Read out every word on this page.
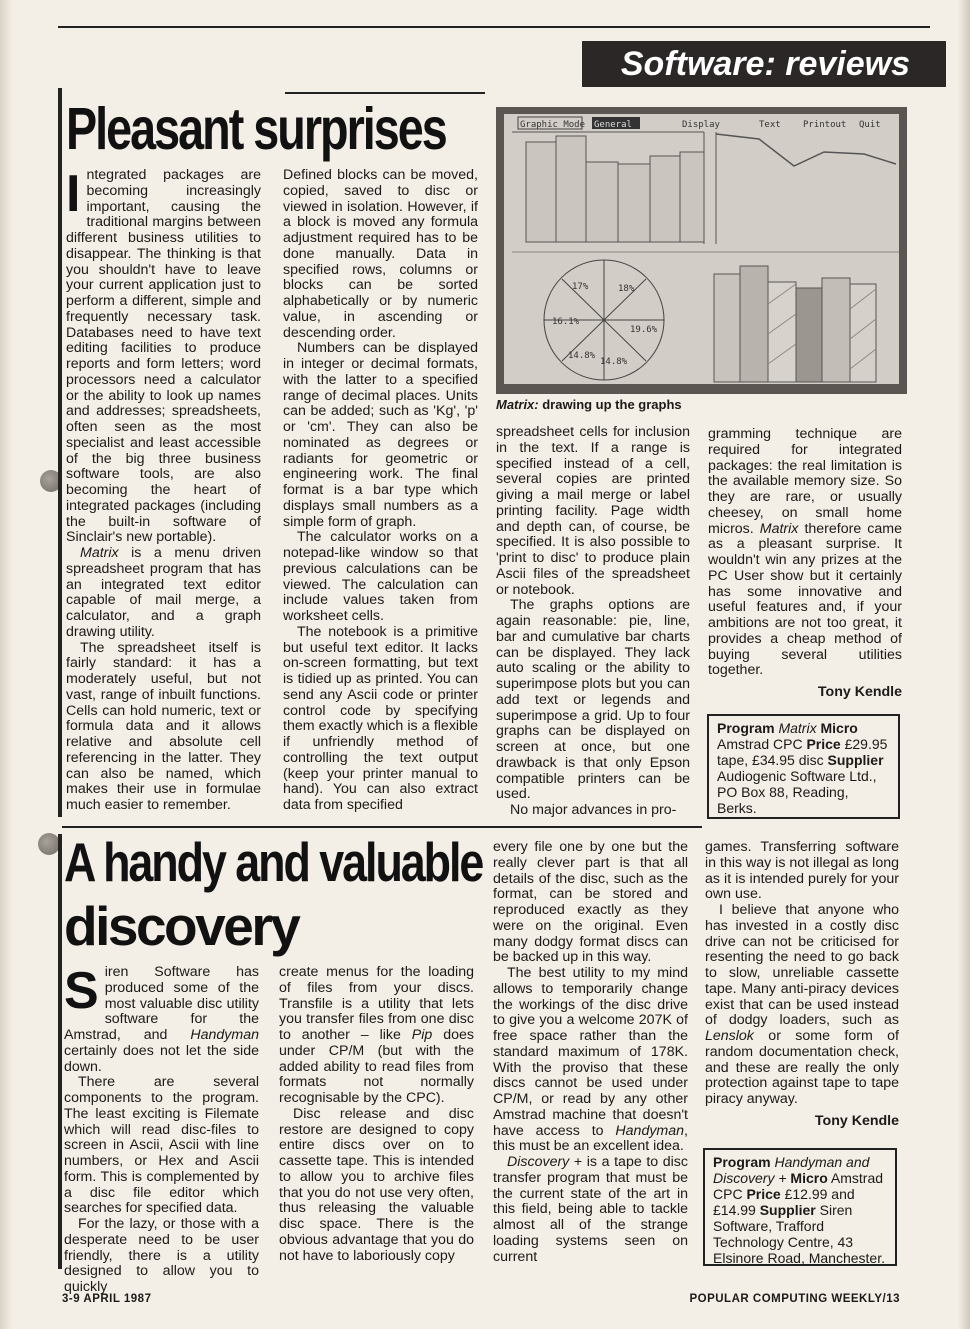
Software: reviews
Pleasant surprises

Integrated packages are becoming increasingly important, causing the traditional margins between different business utilities to disappear. The thinking is that you shouldn't have to leave your current application just to perform a different, simple and frequently necessary task. Databases need to have text editing facilities to produce reports and form letters; word processors need a calculator or the ability to look up names and addresses; spreadsheets, often seen as the most specialist and least accessible of the big three business software tools, are also becoming the heart of integrated packages (including the built-in software of Sinclair's new portable).

Matrix is a menu driven spreadsheet program that has an integrated text editor capable of mail merge, a calculator, and a graph drawing utility.

The spreadsheet itself is fairly standard: it has a moderately useful, but not vast, range of inbuilt functions. Cells can hold numeric, text or formula data and it allows relative and absolute cell referencing in the latter. They can also be named, which makes their use in formulae much easier to remember.

Defined blocks can be moved, copied, saved to disc or viewed in isolation. However, if a block is moved any formula adjustment required has to be done manually. Data in specified rows, columns or blocks can be sorted alphabetically or by numeric value, in ascending or descending order.

Numbers can be displayed in integer or decimal formats, with the latter to a specified range of decimal places. Units can be added; such as 'Kg', 'p' or 'cm'. They can also be nominated as degrees or radiants for geometric or engineering work. The final format is a bar type which displays small numbers as a simple form of graph.

The calculator works on a notepad-like window so that previous calculations can be viewed. The calculation can include values taken from worksheet cells.

The notebook is a primitive but useful text editor. It lacks on-screen formatting, but text is tidied up as printed. You can send any Ascii code or printer control code by specifying them exactly which is a flexible if unfriendly method of controlling the text output (keep your printer manual to hand). You can also extract data from specified

Graphic Mode General	Display	Text Printout Quit
17%	18%
16.1%
19.6%
14.8%
14.8%
Matrix: drawing up the graphs

spreadsheet cells for inclusion in the text. If a range is specified instead of a cell, several copies are printed giving a mail merge or label printing facility. Page width and depth can, of course, be specified. It is also possible to 'print to disc' to produce plain Ascii files of the spreadsheet or notebook.

The graphs options are again reasonable: pie, line, bar and cumulative bar charts can be displayed. They lack auto scaling or the ability to superimpose plots but you can add text or legends and superimpose a grid. Up to four graphs can be displayed on screen at once, but one drawback is that only Epson compatible printers can be used.

No major advances in pro-

gramming technique are required for integrated packages: the real limitation is the available memory size. So they are rare, or usually cheesey, on small home micros. Matrix therefore came as a pleasant surprise. It wouldn't win any prizes at the PC User show but it certainly has some innovative and useful features and, if your ambitions are not too great, it provides a cheap method of buying several utilities together.

Tony Kendle

Program Matrix Micro Amstrad CPC Price £29.95 tape, £34.95 disc Supplier Audiogenic Software Ltd., PO Box 88, Reading, Berks.
A handy and valuable
discovery

Siren Software has produced some of the most valuable disc utility software for the Amstrad, and Handyman certainly does not let the side down.

There are several components to the program. The least exciting is Filemate which will read disc-files to screen in Ascii, Ascii with line numbers, or Hex and Ascii form. This is complemented by a disc file editor which searches for specified data.

For the lazy, or those with a desperate need to be user friendly, there is a utility designed to allow you to quickly

create menus for the loading of files from your discs. Transfile is a utility that lets you transfer files from one disc to another – like Pip does under CP/M (but with the added ability to read files from formats not normally recognisable by the CPC).

Disc release and disc restore are designed to copy entire discs over on to cassette tape. This is intended to allow you to archive files that you do not use very often, thus releasing the valuable disc space. There is the obvious advantage that you do not have to laboriously copy

every file one by one but the really clever part is that all details of the disc, such as the format, can be stored and reproduced exactly as they were on the original. Even many dodgy format discs can be backed up in this way.

The best utility to my mind allows to temporarily change the workings of the disc drive to give you a welcome 207K of free space rather than the standard maximum of 178K. With the proviso that these discs cannot be used under CP/M, or read by any other Amstrad machine that doesn't have access to Handyman, this must be an excellent idea.

Discovery + is a tape to disc transfer program that must be the current state of the art in this field, being able to tackle almost all of the strange loading systems seen on current

games. Transferring software in this way is not illegal as long as it is intended purely for your own use.

I believe that anyone who has invested in a costly disc drive can not be criticised for resenting the need to go back to slow, unreliable cassette tape. Many anti-piracy devices exist that can be used instead of dodgy loaders, such as Lenslok or some form of random documentation check, and these are really the only protection against tape to tape piracy anyway.

Tony Kendle

Program Handyman and Discovery + Micro Amstrad CPC Price £12.99 and £14.99 Supplier Siren Software, Trafford Technology Centre, 43 Elsinore Road, Manchester.
3-9 APRIL 1987	POPULAR COMPUTING WEEKLY/13
